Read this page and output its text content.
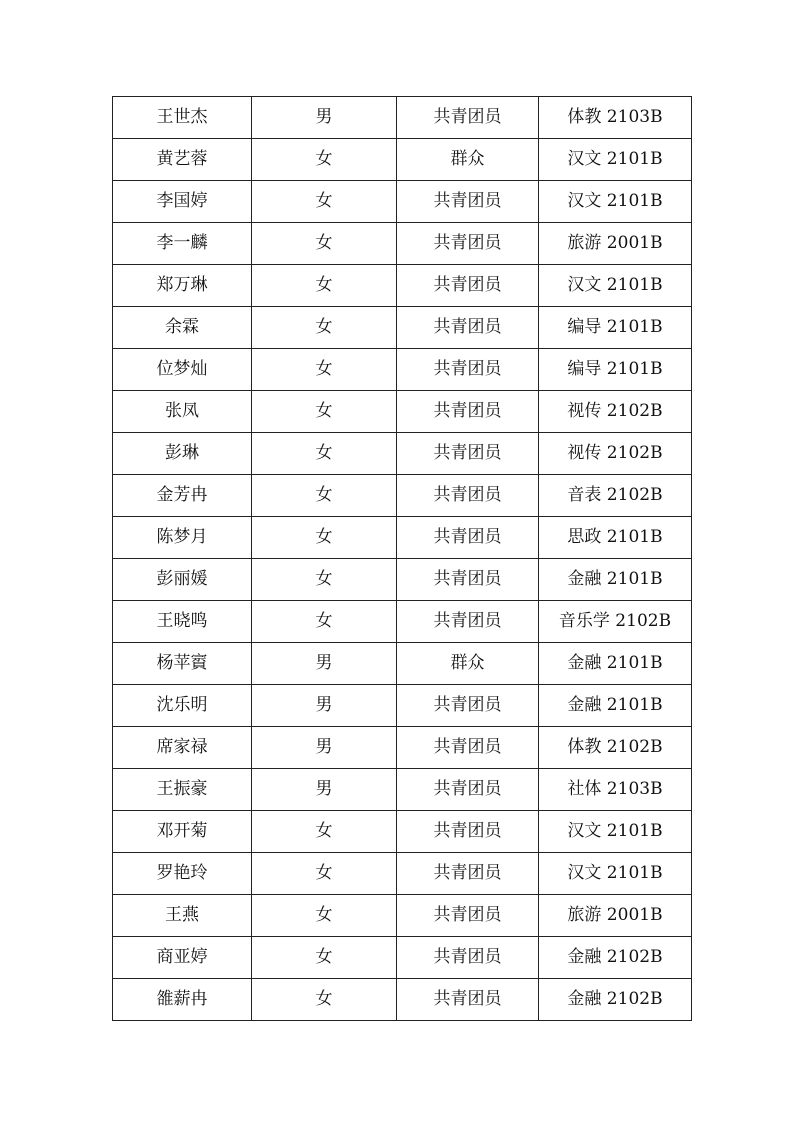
王世杰	男	共青团员	体教 2103B
黄艺蓉	女	群众	汉文 2101B
李国婷	女	共青团员	汉文 2101B
李一麟	女	共青团员	旅游 2001B
郑万琳	女	共青团员	汉文 2101B
余霖	女	共青团员	编导 2101B
位梦灿	女	共青团员	编导 2101B
张凤	女	共青团员	视传 2102B
彭琳	女	共青团员	视传 2102B
金芳冉	女	共青团员	音表 2102B
陈梦月	女	共青团员	思政 2101B
彭丽媛	女	共青团员	金融 2101B
王晓鸣	女	共青团员	音乐学 2102B
杨苹賨	男	群众	金融 2101B
沈乐明	男	共青团员	金融 2101B
席家禄	男	共青团员	体教 2102B
王振豪	男	共青团员	社体 2103B
邓开菊	女	共青团员	汉文 2101B
罗艳玲	女	共青团员	汉文 2101B
王燕	女	共青团员	旅游 2001B
商亚婷	女	共青团员	金融 2102B
雒薪冉	女	共青团员	金融 2102B
